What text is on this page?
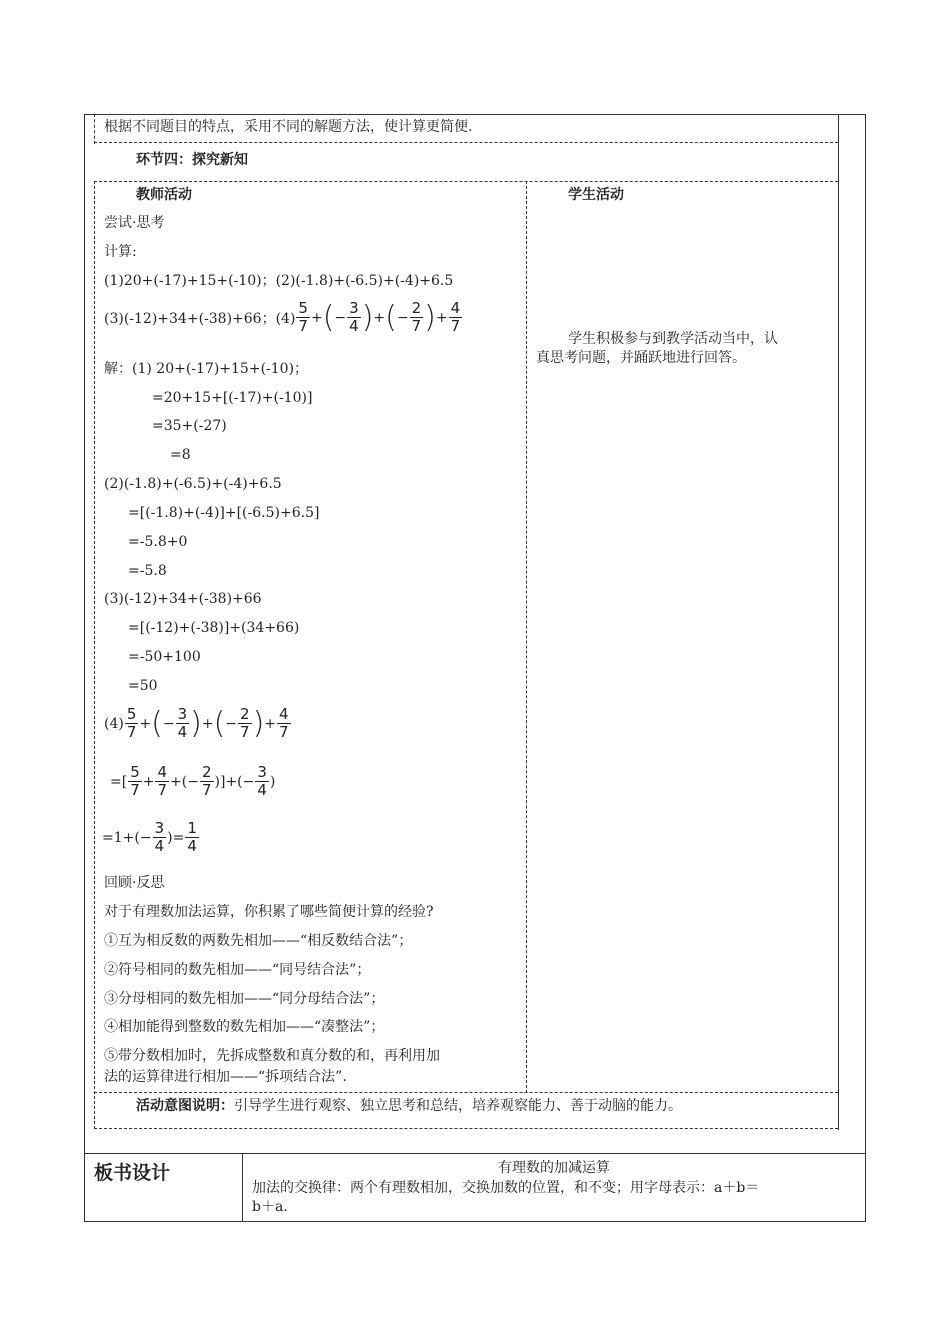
根据不同题目的特点，采用不同的解题方法，使计算更简便.
环节四：探究新知
教师活动	学生活动
尝试·思考
计算:
(1)20+(-17)+15+(-10)；(2)(-1.8)+(-6.5)+(-4)+6.5
(3)(-12)+34+(-38)+66；$(4) \frac{5}{7}$ + ( − $\frac{3}{4}$ ) + ( − $\frac{2}{7}$ ) + $\frac{4}{7}$
解：(1) 20+(-17)+15+(-10)；
=20+15+[(-17)+(-10)]
=35+(-27)
=8
(2)(-1.8)+(-6.5)+(-4)+6.5
=[(-1.8)+(-4)]+[(-6.5)+6.5]
=-5.8+0
=-5.8
(3)(-12)+34+(-38)+66
=[(-12)+(-38)]+(34+66)
=-50+100
=50
$(4) \frac{5}{7}$ + ( − $\frac{3}{4}$ ) + ( − $\frac{2}{7}$ ) + $\frac{4}{7}$
=[ $\frac{5}{7} + \frac{4}{7}$ +(− $\frac{2}{7}$ )]+(− $\frac{3}{4}$ )
$=1+(- \frac{3}{4}$ )= $\frac{1}{4}$
回顾·反思
对于有理数加法运算，你积累了哪些简便计算的经验?
①互为相反数的两数先相加——“相反数结合法”；
②符号相同的数先相加——“同号结合法”；
③分母相同的数先相加——“同分母结合法”；
④相加能得到整数的数先相加——“凑整法”；
⑤带分数相加时，先拆成整数和真分数的和，再利用加
法的运算律进行相加——“拆项结合法”.
学生积极参与到教学活动当中，认
真思考问题，并踊跃地进行回答。
活动意图说明：引导学生进行观察、独立思考和总结，培养观察能力、善于动脑的能力。
板书设计	有理数的加减运算
加法的交换律：两个有理数相加，交换加数的位置，和不变；用字母表示：a＋b＝
b＋a.
